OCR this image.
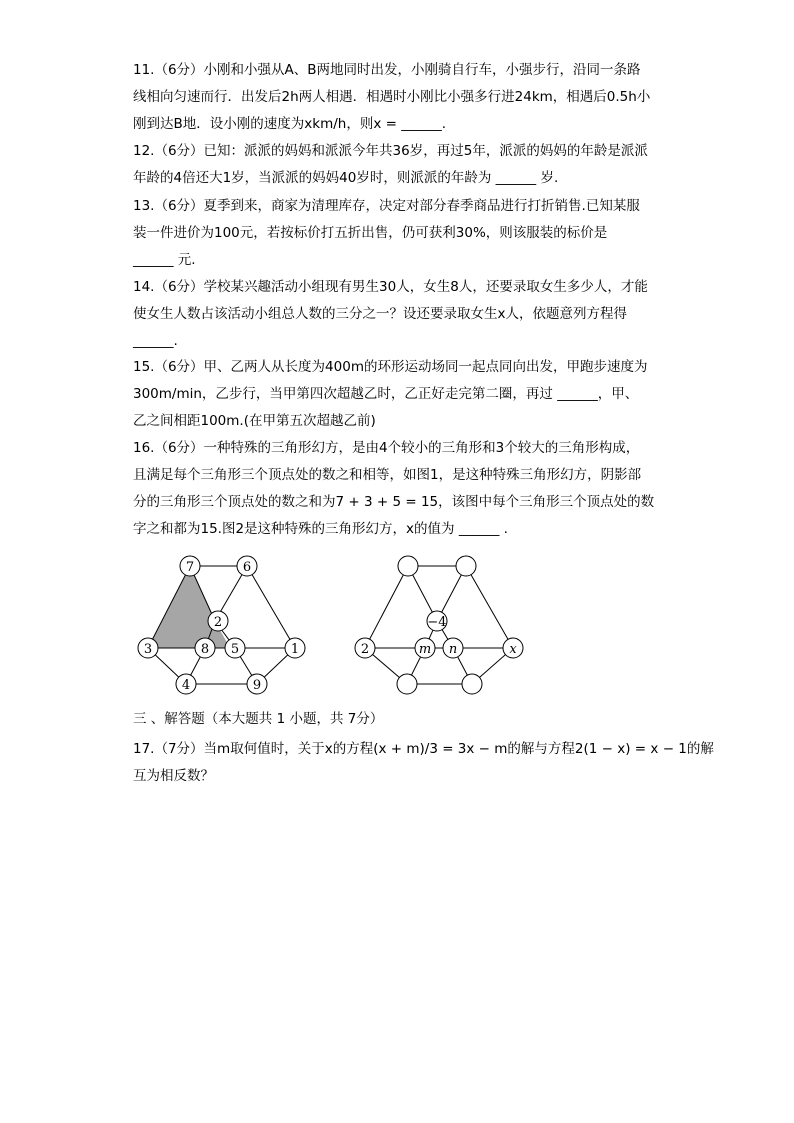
11.（6分）小刚和小强从A、B两地同时出发，小刚骑自行车，小强步行，沿同一条路
线相向匀速而行．出发后2h两人相遇．相遇时小刚比小强多行进24km，相遇后0.5h小
刚到达B地．设小刚的速度为xkm/h，则x = ______.
12.（6分）已知：派派的妈妈和派派今年共36岁，再过5年，派派的妈妈的年龄是派派
年龄的4倍还大1岁，当派派的妈妈40岁时，则派派的年龄为 ______ 岁.
13.（6分）夏季到来，商家为清理库存，决定对部分春季商品进行打折销售.已知某服
装一件进价为100元，若按标价打五折出售，仍可获利30%，则该服装的标价是
______ 元.
14.（6分）学校某兴趣活动小组现有男生30人，女生8人，还要录取女生多少人，才能
使女生人数占该活动小组总人数的三分之一？设还要录取女生x人，依题意列方程得
______.
15.（6分）甲、乙两人从长度为400m的环形运动场同一起点同向出发，甲跑步速度为
300m/min，乙步行，当甲第四次超越乙时，乙正好走完第二圈，再过 ______，甲、
乙之间相距100m.(在甲第五次超越乙前)
16.（6分）一种特殊的三角形幻方，是由4个较小的三角形和3个较大的三角形构成，
且满足每个三角形三个顶点处的数之和相等，如图1，是这种特殊三角形幻方，阴影部
分的三角形三个顶点处的数之和为7 + 3 + 5 = 15，该图中每个三角形三个顶点处的数
字之和都为15.图2是这种特殊的三角形幻方，x的值为 ______ .
三 、解答题（本大题共 1 小题，共 7分）
17.（7分）当m取何值时，关于x的方程(x + m)/3 = 3x − m的解与方程2(1 − x) = x − 1的解
互为相反数？
7	6
2
3	8 5	1
4	9
−4
2	m n	x
